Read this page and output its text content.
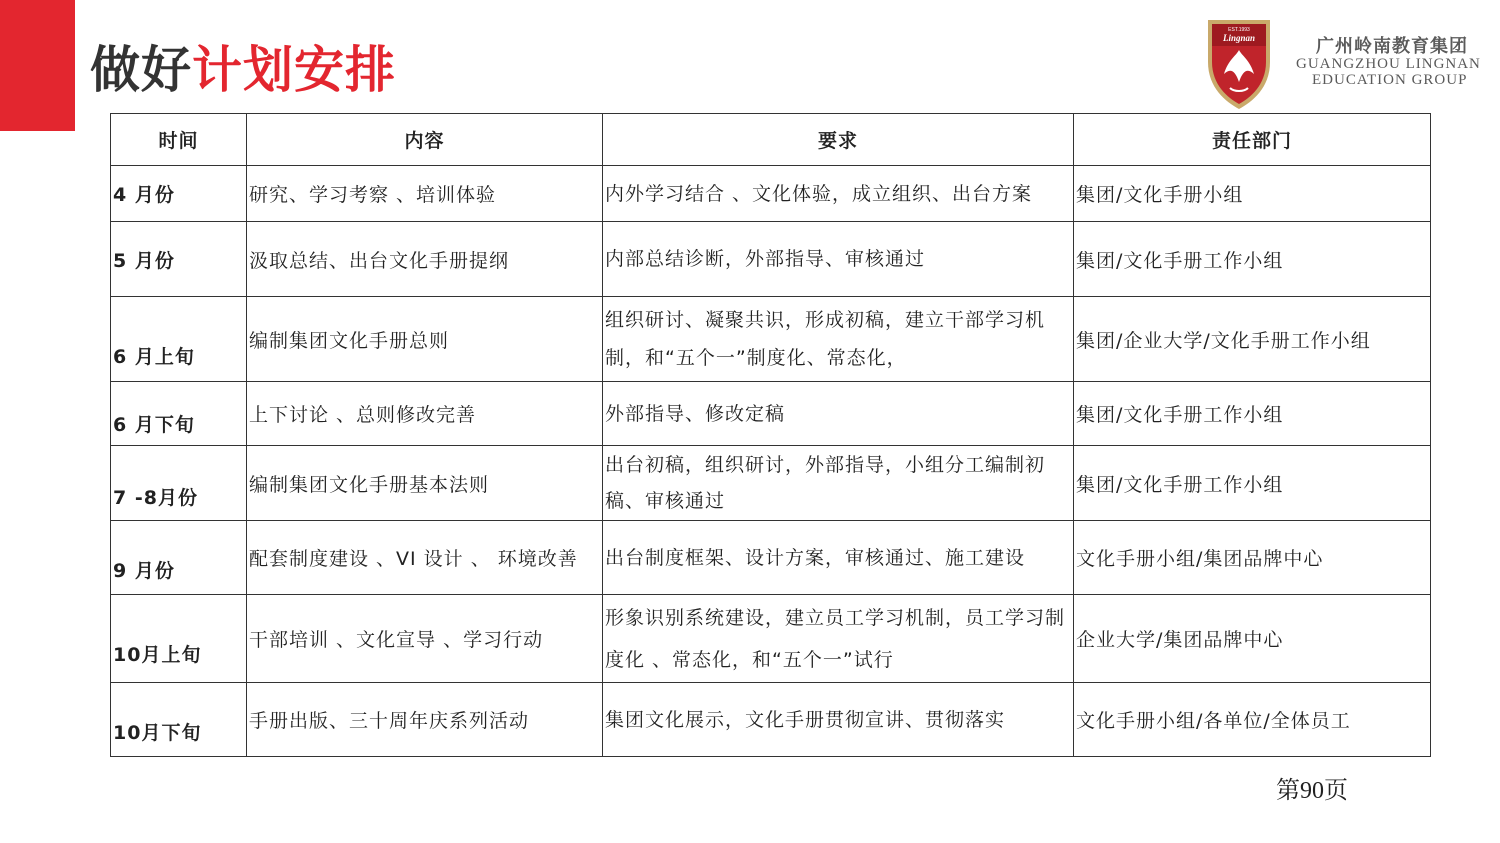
做好计划安排
EST.1993
Lingnan	广州岭南教育集团
GUANGZHOU LINGNAN
EDUCATION GROUP
时间	内容	要求	责任部门
4 月份	研究、学习考察 、培训体验	内外学习结合 、文化体验，成立组织、出台方案	集团/文化手册小组
5 月份	汲取总结、出台文化手册提纲	内部总结诊断，外部指导、审核通过	集团/文化手册工作小组
6 月上旬	编制集团文化手册总则	组织研讨、凝聚共识，形成初稿，建立干部学习机制，和“五个一”制度化、常态化，	集团/企业大学/文化手册工作小组
6 月下旬	上下讨论 、总则修改完善	外部指导、修改定稿	集团/文化手册工作小组
7 -8月份	编制集团文化手册基本法则	出台初稿，组织研讨，外部指导，小组分工编制初稿、审核通过	集团/文化手册工作小组
9 月份	配套制度建设 、VI 设计 、 环境改善	出台制度框架、设计方案，审核通过、施工建设	文化手册小组/集团品牌中心
10月上旬	干部培训 、文化宣导 、学习行动	形象识别系统建设，建立员工学习机制，员工学习制度化 、常态化，和“五个一”试行	企业大学/集团品牌中心
10月下旬	手册出版、三十周年庆系列活动	集团文化展示，文化手册贯彻宣讲、贯彻落实	文化手册小组/各单位/全体员工
第90页
